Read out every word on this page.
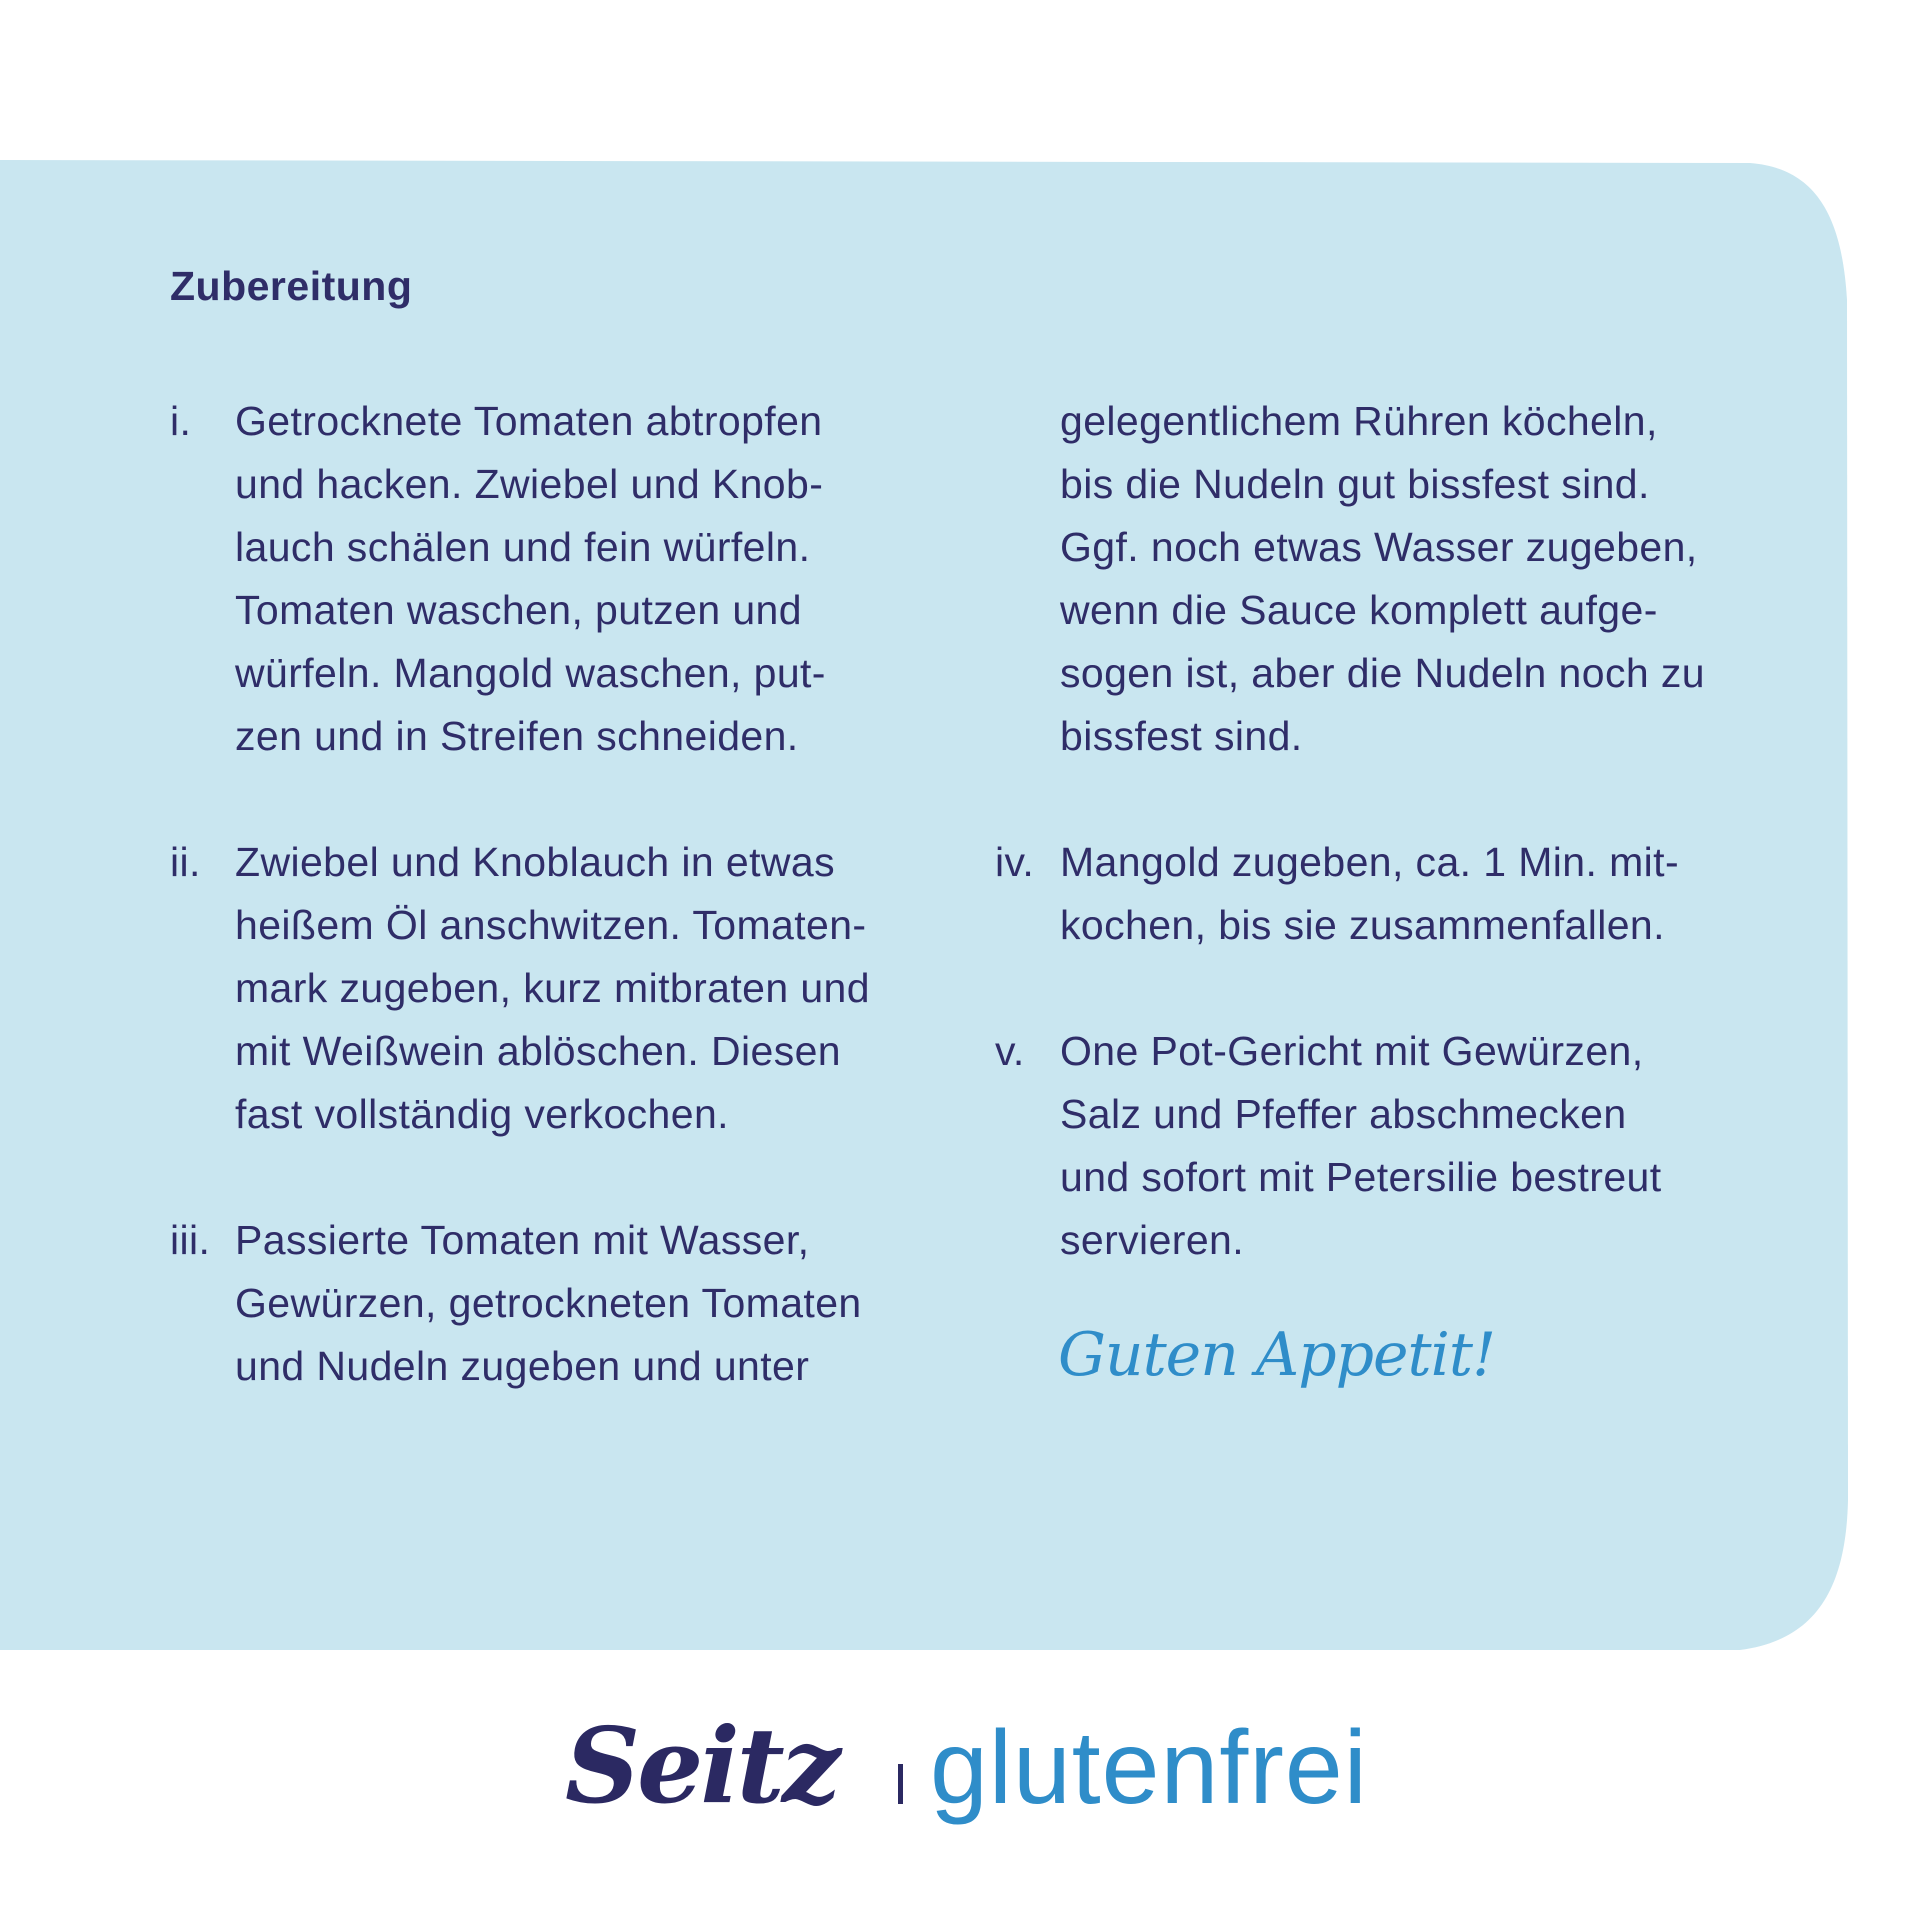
Zubereitung
i.	Getrocknete Tomaten abtropfen
und hacken. Zwiebel und Knob-
lauch schälen und fein würfeln.
Tomaten waschen, putzen und
würfeln. Mangold waschen, put-
zen und in Streifen schneiden.
ii. Zwiebel und Knoblauch in etwas
heißem Öl anschwitzen. Tomaten-
mark zugeben, kurz mitbraten und
mit Weißwein ablöschen. Diesen
fast vollständig verkochen.
iii. Passierte Tomaten mit Wasser,
Gewürzen, getrockneten Tomaten
und Nudeln zugeben und unter
gelegentlichem Rühren köcheln,
bis die Nudeln gut bissfest sind.
Ggf. noch etwas Wasser zugeben,
wenn die Sauce komplett aufge-
sogen ist, aber die Nudeln noch zu
bissfest sind.
iv. Mangold zugeben, ca. 1 Min. mit-
kochen, bis sie zusammenfallen.
v. One Pot-Gericht mit Gewürzen,
Salz und Pfeffer abschmecken
und sofort mit Petersilie bestreut
servieren.
Guten Appetit!
Seitz glutenfrei
